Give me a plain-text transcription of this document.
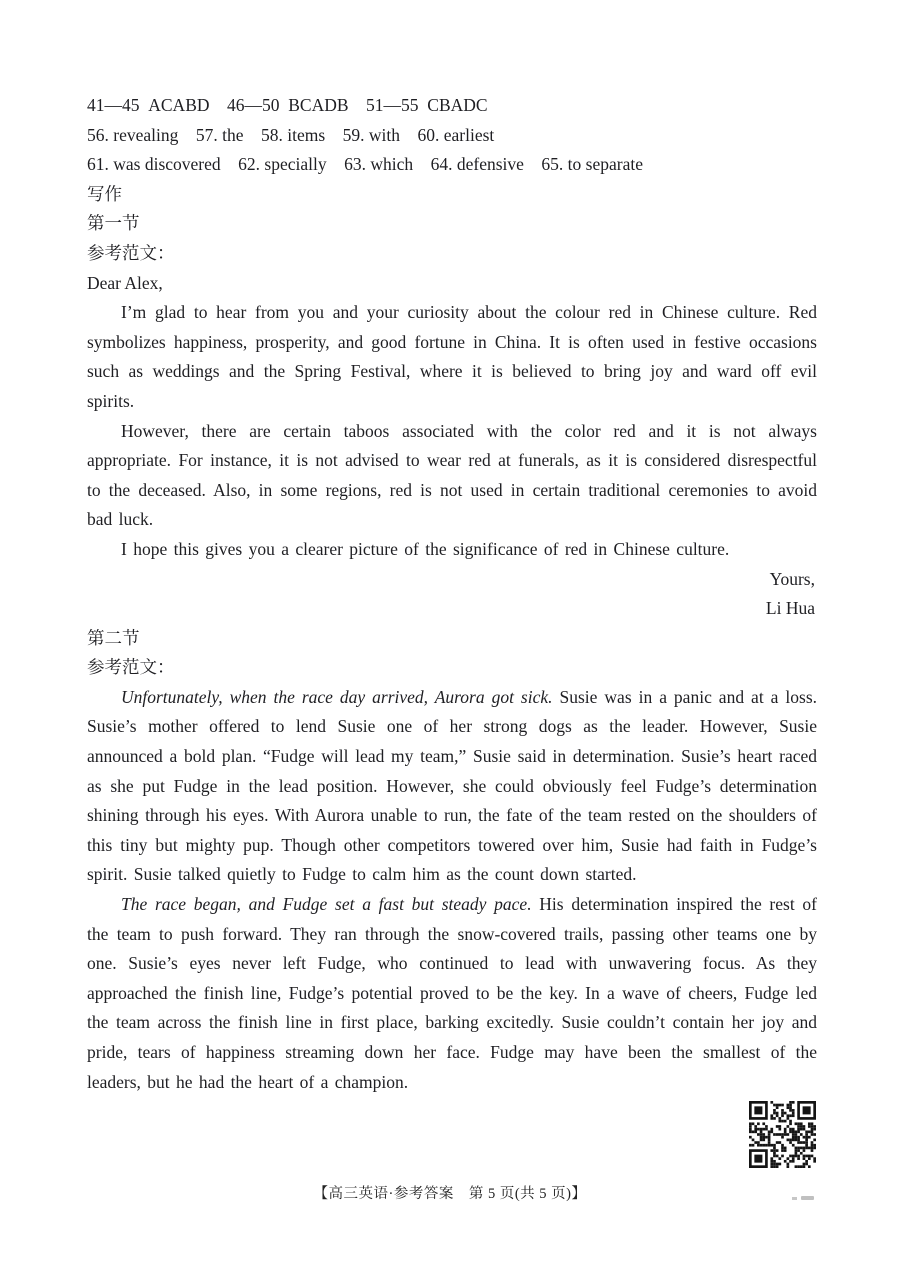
41—45 ACABD  46—50 BCADB  51—55 CBADC
56. revealing  57. the  58. items  59. with  60. earliest
61. was discovered  62. specially  63. which  64. defensive  65. to separate
写作
第一节
参考范文：
Dear Alex,

I’m glad to hear from you and your curiosity about the colour red in Chinese culture. Red symbolizes happiness, prosperity, and good fortune in China. It is often used in festive occasions such as weddings and the Spring Festival, where it is believed to bring joy and ward off evil spirits.

However, there are certain taboos associated with the color red and it is not always appropriate. For instance, it is not advised to wear red at funerals, as it is considered disrespectful to the deceased. Also, in some regions, red is not used in certain traditional ceremonies to avoid bad luck.

I hope this gives you a clearer picture of the significance of red in Chinese culture.

Yours,
Li Hua
第二节
参考范文：

Unfortunately, when the race day arrived, Aurora got sick. Susie was in a panic and at a loss. Susie’s mother offered to lend Susie one of her strong dogs as the leader. However, Susie announced a bold plan. “Fudge will lead my team,” Susie said in determination. Susie’s heart raced as she put Fudge in the lead position. However, she could obviously feel Fudge’s determination shining through his eyes. With Aurora unable to run, the fate of the team rested on the shoulders of this tiny but mighty pup. Though other competitors towered over him, Susie had faith in Fudge’s spirit. Susie talked quietly to Fudge to calm him as the count down started.

The race began, and Fudge set a fast but steady pace. His determination inspired the rest of the team to push forward. They ran through the snow-covered trails, passing other teams one by one. Susie’s eyes never left Fudge, who continued to lead with unwavering focus. As they approached the finish line, Fudge’s potential proved to be the key. In a wave of cheers, Fudge led the team across the finish line in first place, barking excitedly. Susie couldn’t contain her joy and pride, tears of happiness streaming down her face. Fudge may have been the smallest of the leaders, but he had the heart of a champion.

【高三英语·参考答案　第 5 页(共 5 页)】
